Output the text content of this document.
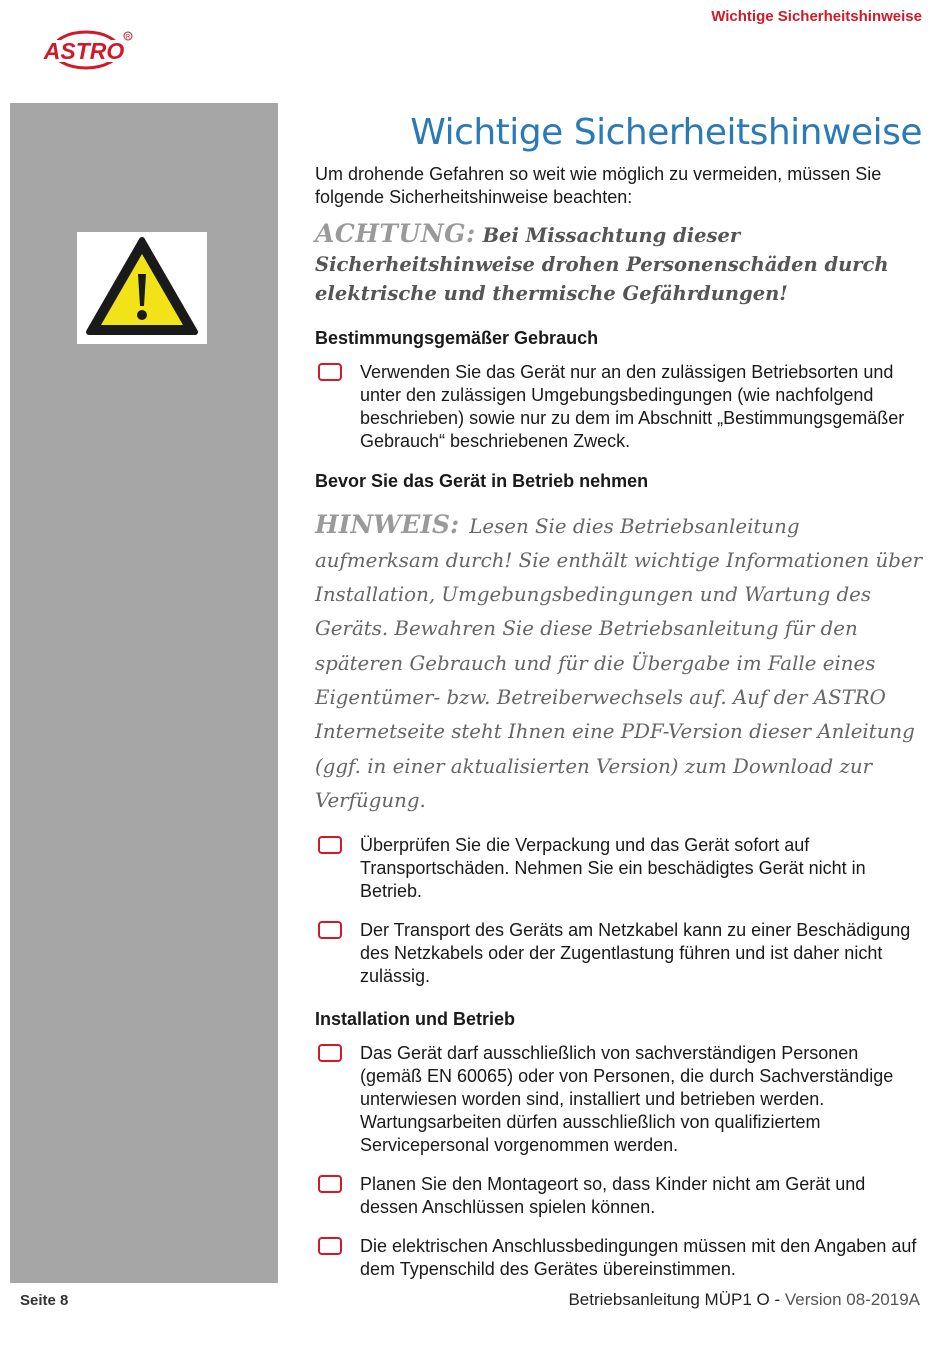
Wichtige Sicherheitshinweise
ASTRO
R
Wichtige Sicherheitshinweise

Um drohende Gefahren so weit wie möglich zu vermeiden, müssen Sie folgende Sicherheitshinweise beachten:

ACHTUNG: Bei Missachtung dieser Sicherheitshinweise drohen Personenschäden durch elektrische und thermische Gefährdungen!

Bestimmungsgemäßer Gebrauch

Verwenden Sie das Gerät nur an den zulässigen Betriebsorten und unter den zulässigen Umgebungsbedingungen (wie nachfolgend beschrieben) sowie nur zu dem im Abschnitt „Bestimmungsgemäßer Gebrauch“ beschriebenen Zweck.

Bevor Sie das Gerät in Betrieb nehmen

HINWEIS: Lesen Sie dies Betriebsanleitung aufmerksam durch! Sie enthält wichtige Informationen über Installation, Umgebungsbedingungen und Wartung des Geräts. Bewahren Sie diese Betriebsanleitung für den späteren Gebrauch und für die Übergabe im Falle eines Eigentümer- bzw. Betreiberwechsels auf. Auf der ASTRO Internetseite steht Ihnen eine PDF-Version dieser Anleitung (ggf. in einer aktualisierten Version) zum Download zur Verfügung.

Überprüfen Sie die Verpackung und das Gerät sofort auf Transportschäden. Nehmen Sie ein beschädigtes Gerät nicht in Betrieb.
Der Transport des Geräts am Netzkabel kann zu einer Beschädigung des Netzkabels oder der Zugentlastung führen und ist daher nicht zulässig.

Installation und Betrieb

Das Gerät darf ausschließlich von sachverständigen Personen (gemäß EN 60065) oder von Personen, die durch Sachverständige unterwiesen worden sind, installiert und betrieben werden. Wartungsarbeiten dürfen ausschließlich von qualifiziertem Servicepersonal vorgenommen werden.
Planen Sie den Montageort so, dass Kinder nicht am Gerät und dessen Anschlüssen spielen können.
Die elektrischen Anschlussbedingungen müssen mit den Angaben auf dem Typenschild des Gerätes übereinstimmen.
Seite 8	Betriebsanleitung MÜP1 O - Version 08-2019A
